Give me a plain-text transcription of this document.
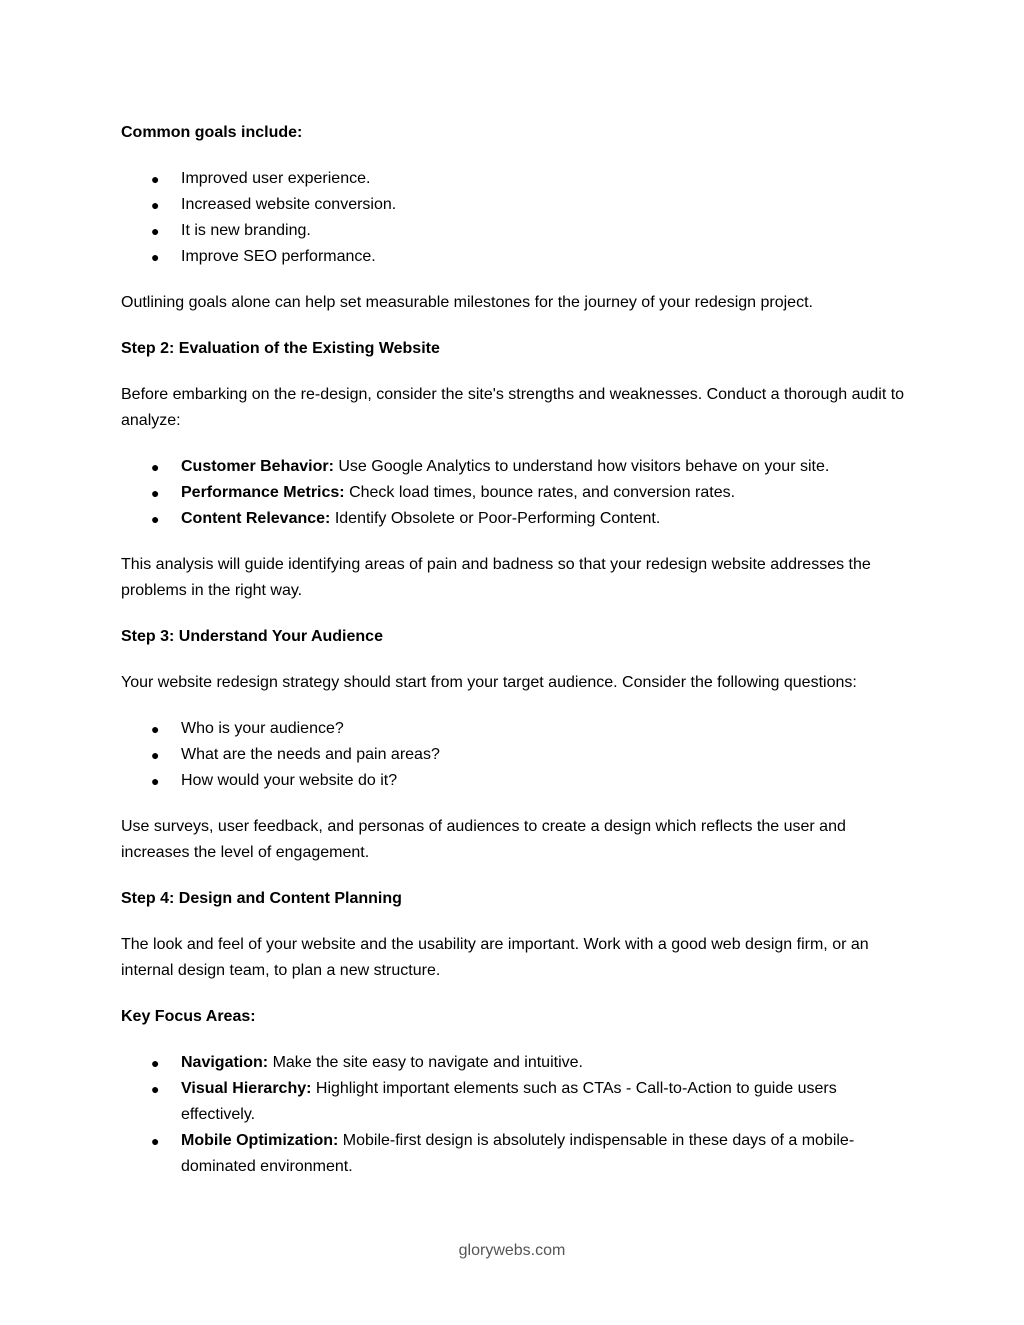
Common goals include:

● Improved user experience.
● Increased website conversion.
● It is new branding.
● Improve SEO performance.

Outlining goals alone can help set measurable milestones for the journey of your redesign project.

Step 2: Evaluation of the Existing Website

Before embarking on the re-design, consider the site's strengths and weaknesses. Conduct a thorough audit to analyze:

● Customer Behavior: Use Google Analytics to understand how visitors behave on your site.
● Performance Metrics: Check load times, bounce rates, and conversion rates.
● Content Relevance: Identify Obsolete or Poor-Performing Content.

This analysis will guide identifying areas of pain and badness so that your redesign website addresses the problems in the right way.

Step 3: Understand Your Audience

Your website redesign strategy should start from your target audience. Consider the following questions:

● Who is your audience?
● What are the needs and pain areas?
● How would your website do it?

Use surveys, user feedback, and personas of audiences to create a design which reflects the user and increases the level of engagement.

Step 4: Design and Content Planning

The look and feel of your website and the usability are important. Work with a good web design firm, or an internal design team, to plan a new structure.

Key Focus Areas:

● Navigation: Make the site easy to navigate and intuitive.
● Visual Hierarchy: Highlight important elements such as CTAs - Call-to-Action to guide users effectively.
● Mobile Optimization: Mobile-first design is absolutely indispensable in these days of a mobile-dominated environment.
glorywebs.com
